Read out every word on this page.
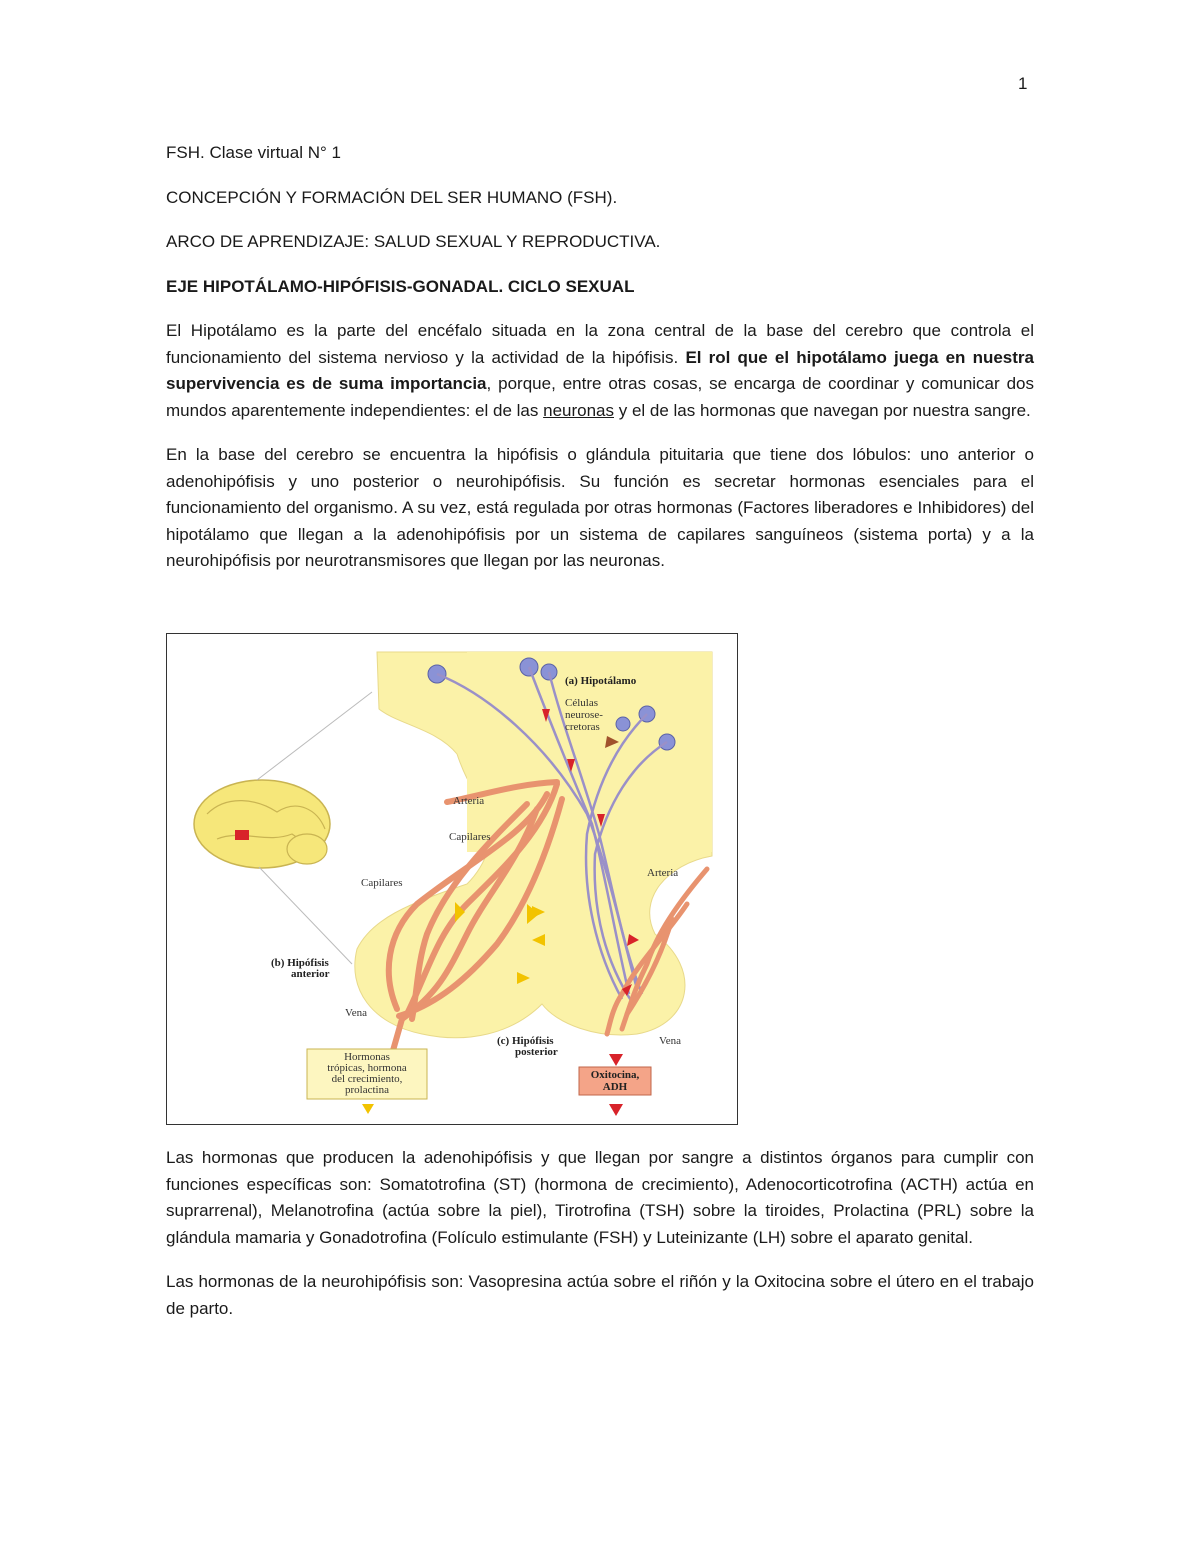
1
FSH. Clase virtual N° 1
CONCEPCIÓN Y FORMACIÓN DEL SER HUMANO (FSH).
ARCO DE APRENDIZAJE: SALUD SEXUAL Y REPRODUCTIVA.
EJE HIPOTÁLAMO-HIPÓFISIS-GONADAL. CICLO SEXUAL

El Hipotálamo es la parte del encéfalo situada en la zona central de la base del cerebro que controla el funcionamiento del sistema nervioso y la actividad de la hipófisis. El rol que el hipotálamo juega en nuestra supervivencia es de suma importancia, porque, entre otras cosas, se encarga de coordinar y comunicar dos mundos aparentemente independientes: el de las neuronas y el de las hormonas que navegan por nuestra sangre.

En la base del cerebro se encuentra la hipófisis o glándula pituitaria que tiene dos lóbulos: uno anterior o adenohipófisis y uno posterior o neurohipófisis. Su función es secretar hormonas esenciales para el funcionamiento del organismo. A su vez, está regulada por otras hormonas (Factores liberadores e Inhibidores) del hipotálamo que llegan a la adenohipófisis por un sistema de capilares sanguíneos (sistema porta) y a la neurohipófisis por neurotransmisores que llegan por las neuronas.

(a) Hipotálamo
Células
neurose-
cretoras
Arteria
Capilares
Capilares
Arteria
(b) Hipófisis
anterior
Vena
(c) Hipófisis
posterior
Vena
Hormonas
trópicas, hormona
del crecimiento,
prolactina
Oxitocina,
ADH

Las hormonas que producen la adenohipófisis y que llegan por sangre a distintos órganos para cumplir con funciones específicas son: Somatotrofina (ST) (hormona de crecimiento), Adenocorticotrofina (ACTH) actúa en suprarrenal), Melanotrofina (actúa sobre la piel), Tirotrofina (TSH) sobre la tiroides, Prolactina (PRL) sobre la glándula mamaria y Gonadotrofina (Folículo estimulante (FSH) y Luteinizante (LH) sobre el aparato genital.

Las hormonas de la neurohipófisis son: Vasopresina actúa sobre el riñón y la Oxitocina sobre el útero en el trabajo de parto.
